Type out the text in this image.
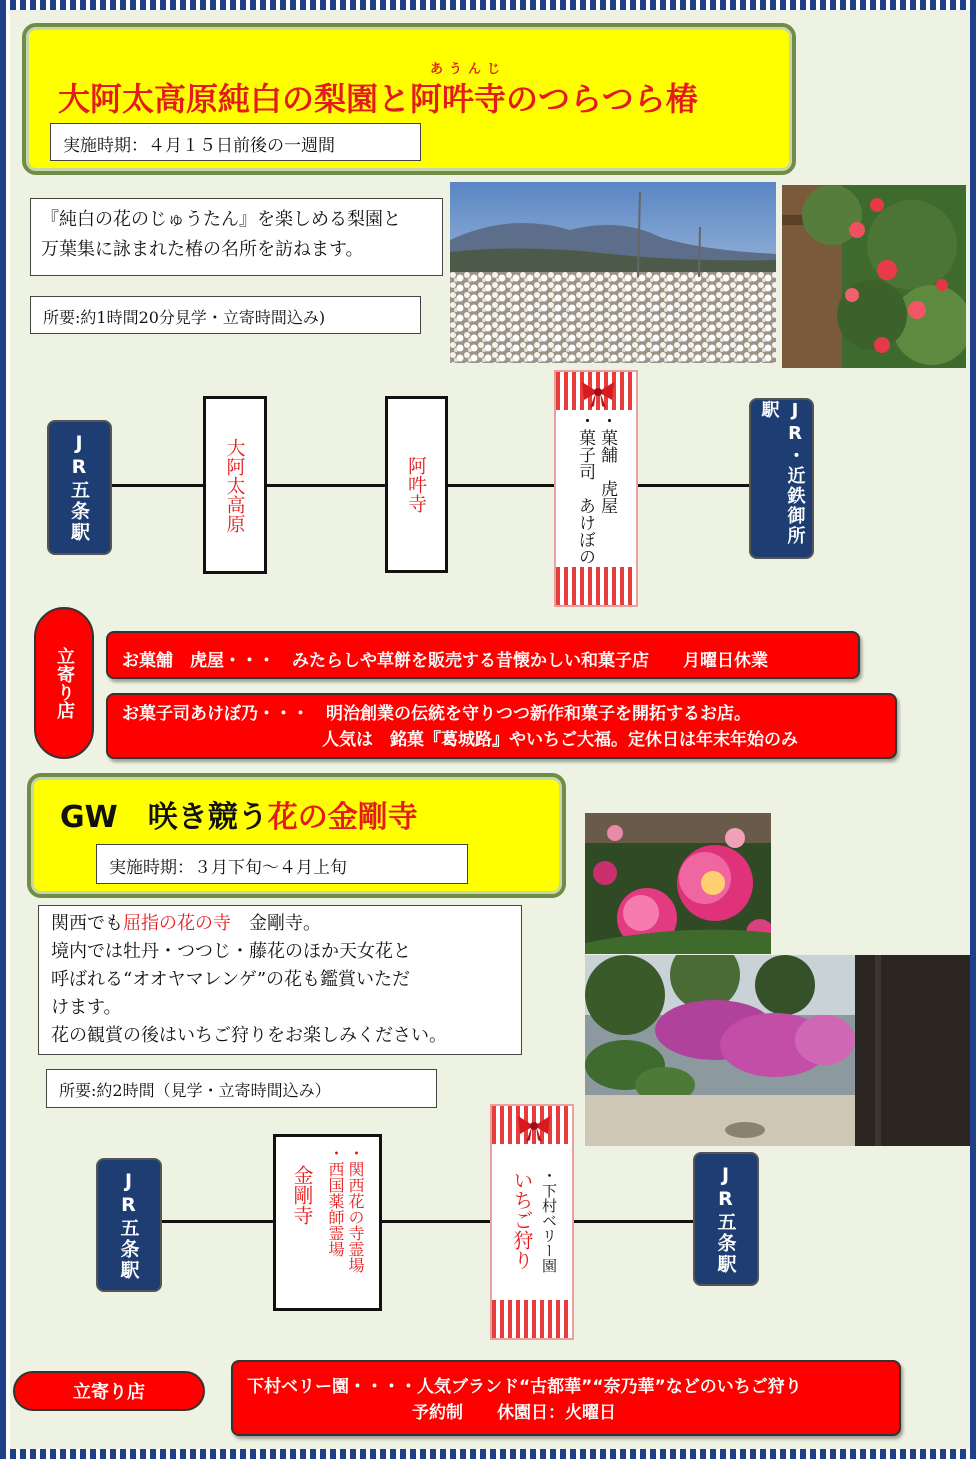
あうんじ
大阿太高原純白の梨園と阿吽寺のつらつら椿
実施時期：４月１５日前後の一週間
『純白の花のじゅうたん』を楽しめる梨園と
万葉集に詠まれた椿の名所を訪ねます。
所要:約1時間20分見学・立寄時間込み)
JR五条駅	大阿太高原	阿吽寺	・菓舗　虎屋
・菓子司　あけぼの	JR・近鉄御所駅
立寄り店	お菓舗　虎屋・・・　みたらしや草餅を販売する昔懐かしい和菓子店　　月曜日休業
お菓子司あけぼ乃・・・　明治創業の伝統を守りつつ新作和菓子を開拓するお店。
人気は　銘菓『葛城路』やいちご大福。定休日は年末年始のみ
GW　咲き競う花の金剛寺
実施時期：３月下旬～４月上旬
関西でも屈指の花の寺　金剛寺。
境内では牡丹・つつじ・藤花のほか天女花と
呼ばれる“オオヤマレンゲ”の花も鑑賞いただ
けます。
花の観賞の後はいちご狩りをお楽しみください。
所要:約2時間（見学・立寄時間込み）
JR五条駅	・関西花の寺霊場
・西国薬師霊場
金剛寺	・下村ベリー園
いちご狩り	JR五条駅
立寄り店	下村ベリー園・・・・人気ブランド“古都華”“奈乃華”などのいちご狩り
予約制　　休園日：火曜日
